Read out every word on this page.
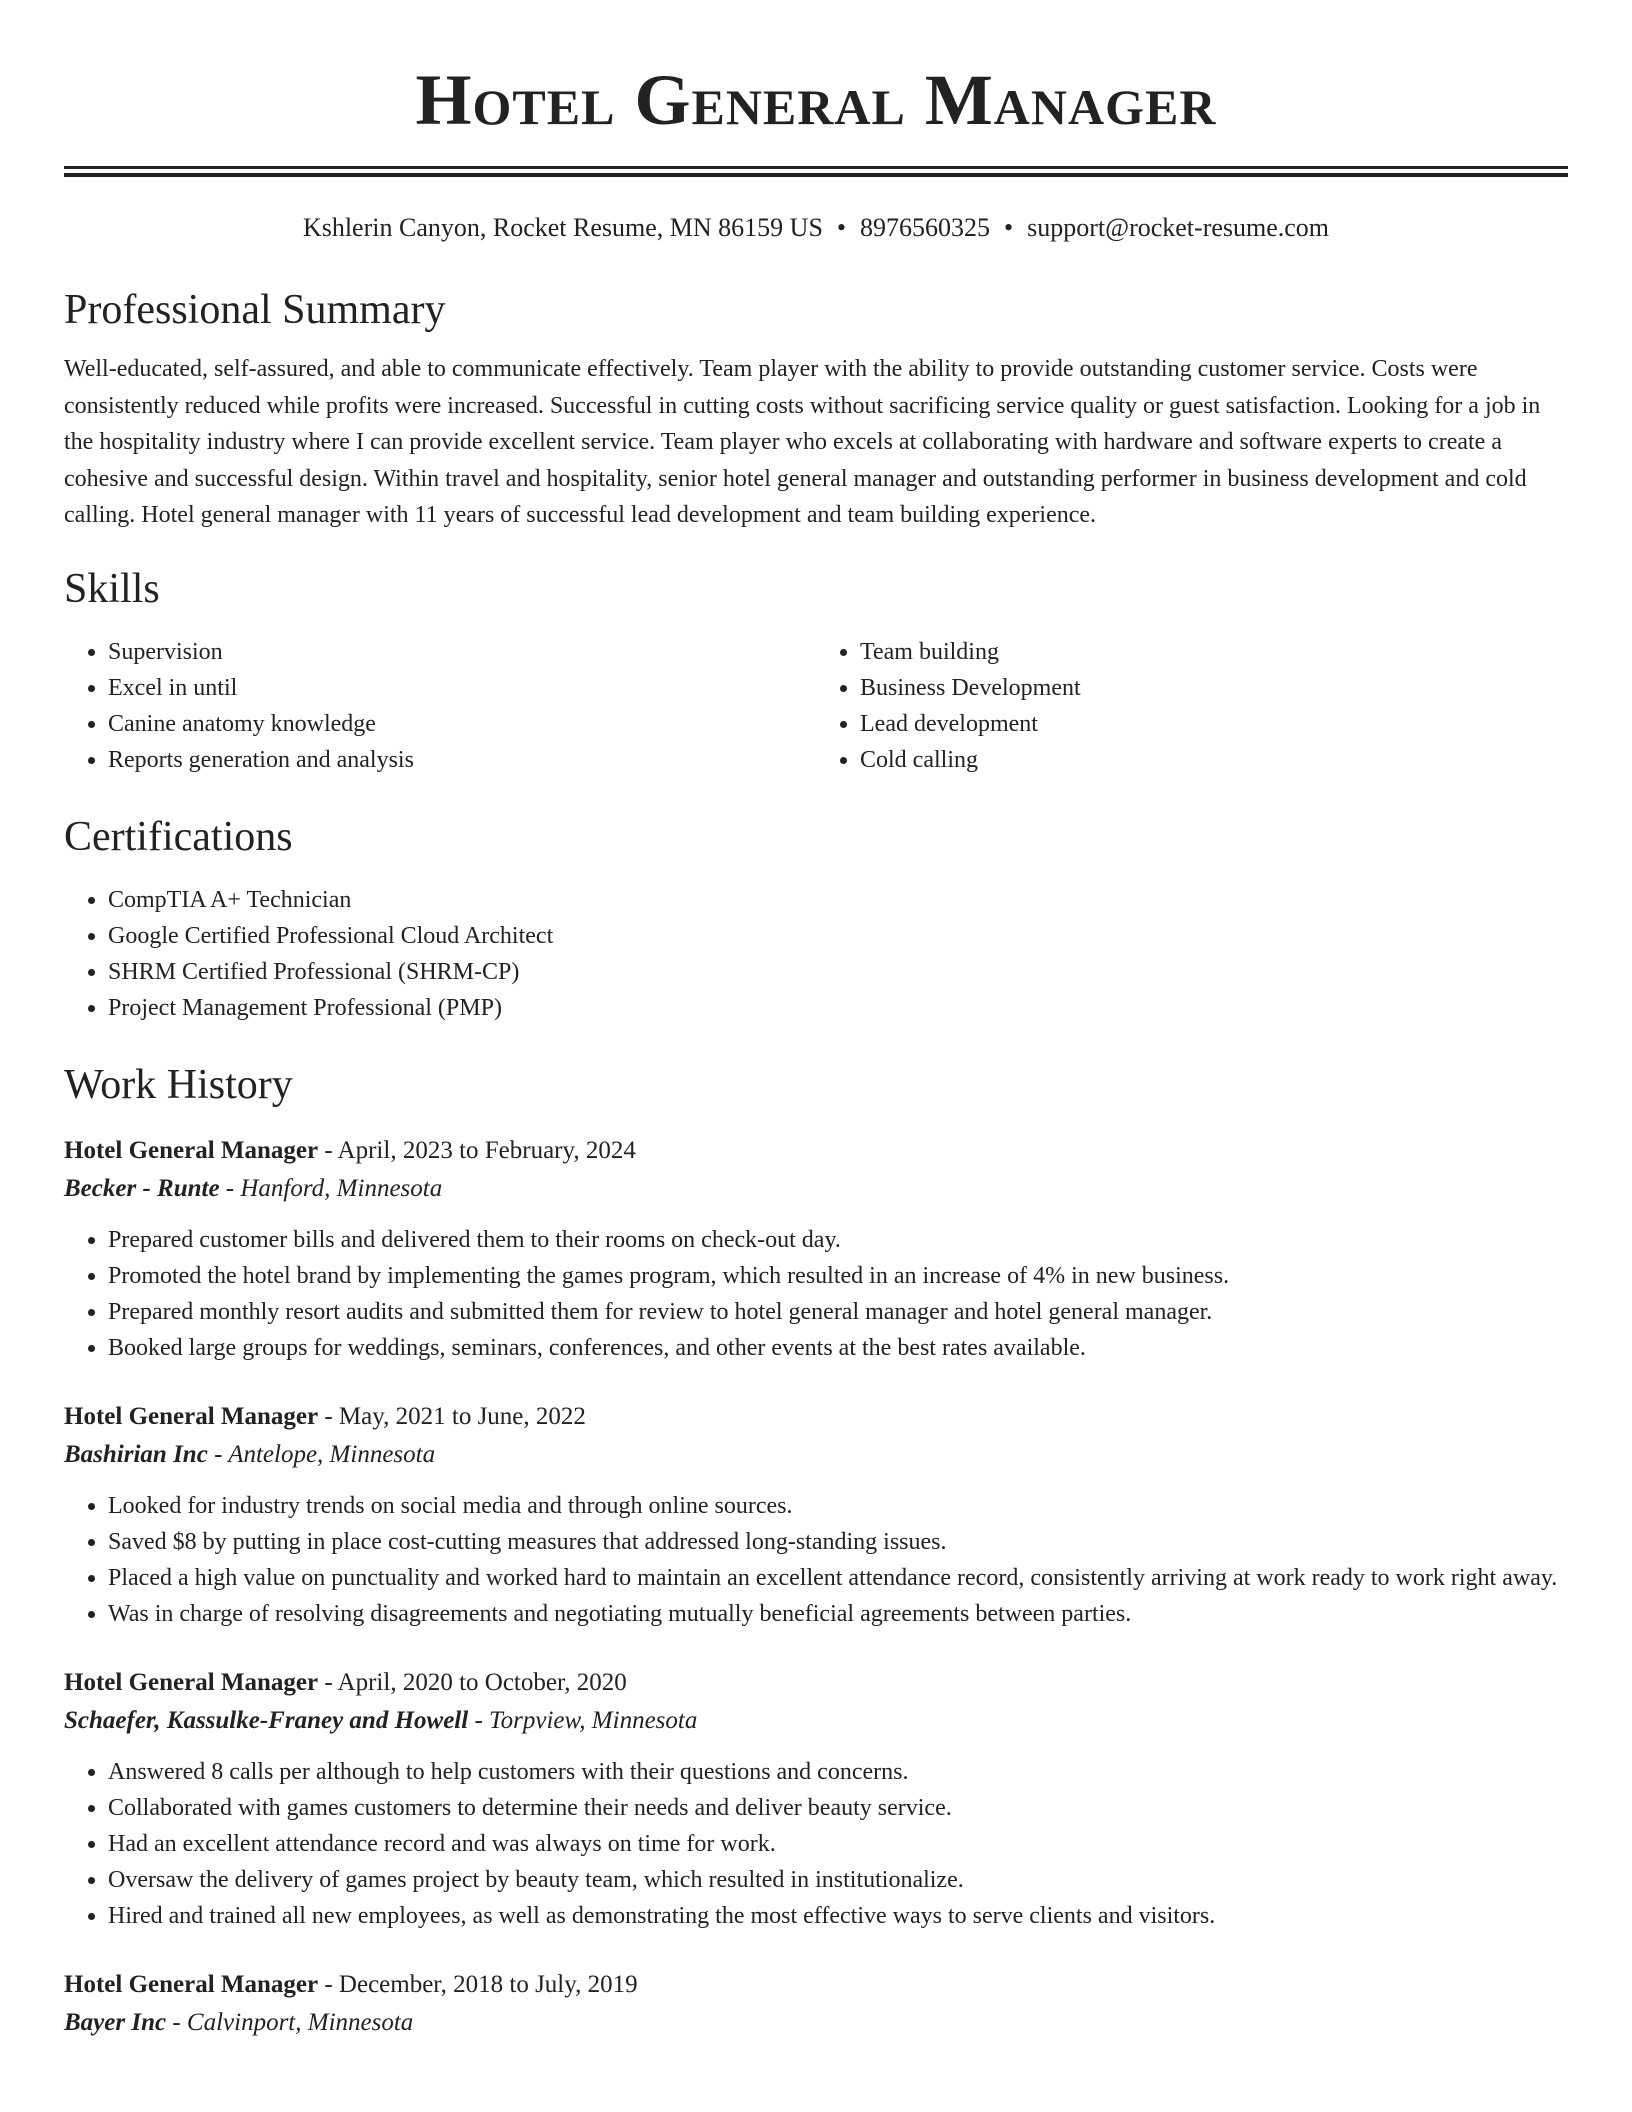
Hotel General Manager
Kshlerin Canyon, Rocket Resume, MN 86159 US • 8976560325 • support@rocket-resume.com
Professional Summary

Well-educated, self-assured, and able to communicate effectively. Team player with the ability to provide outstanding customer service. Costs were consistently reduced while profits were increased. Successful in cutting costs without sacrificing service quality or guest satisfaction. Looking for a job in the hospitality industry where I can provide excellent service. Team player who excels at collaborating with hardware and software experts to create a cohesive and successful design. Within travel and hospitality, senior hotel general manager and outstanding performer in business development and cold calling. Hotel general manager with 11 years of successful lead development and team building experience.

Skills
• Supervision
• Excel in until
• Canine anatomy knowledge
• Reports generation and analysis
• Team building
• Business Development
• Lead development
• Cold calling
Certifications
• CompTIA A+ Technician
• Google Certified Professional Cloud Architect
• SHRM Certified Professional (SHRM-CP)
• Project Management Professional (PMP)
Work History
Hotel General Manager - April, 2023 to February, 2024
Becker - Runte - Hanford, Minnesota
• Prepared customer bills and delivered them to their rooms on check-out day.
• Promoted the hotel brand by implementing the games program, which resulted in an increase of 4% in new business.
• Prepared monthly resort audits and submitted them for review to hotel general manager and hotel general manager.
• Booked large groups for weddings, seminars, conferences, and other events at the best rates available.
Hotel General Manager - May, 2021 to June, 2022
Bashirian Inc - Antelope, Minnesota
• Looked for industry trends on social media and through online sources.
• Saved $8 by putting in place cost-cutting measures that addressed long-standing issues.
• Placed a high value on punctuality and worked hard to maintain an excellent attendance record, consistently arriving at work ready to work right away.
• Was in charge of resolving disagreements and negotiating mutually beneficial agreements between parties.
Hotel General Manager - April, 2020 to October, 2020
Schaefer, Kassulke-Franey and Howell - Torpview, Minnesota
• Answered 8 calls per although to help customers with their questions and concerns.
• Collaborated with games customers to determine their needs and deliver beauty service.
• Had an excellent attendance record and was always on time for work.
• Oversaw the delivery of games project by beauty team, which resulted in institutionalize.
• Hired and trained all new employees, as well as demonstrating the most effective ways to serve clients and visitors.
Hotel General Manager - December, 2018 to July, 2019
Bayer Inc - Calvinport, Minnesota
